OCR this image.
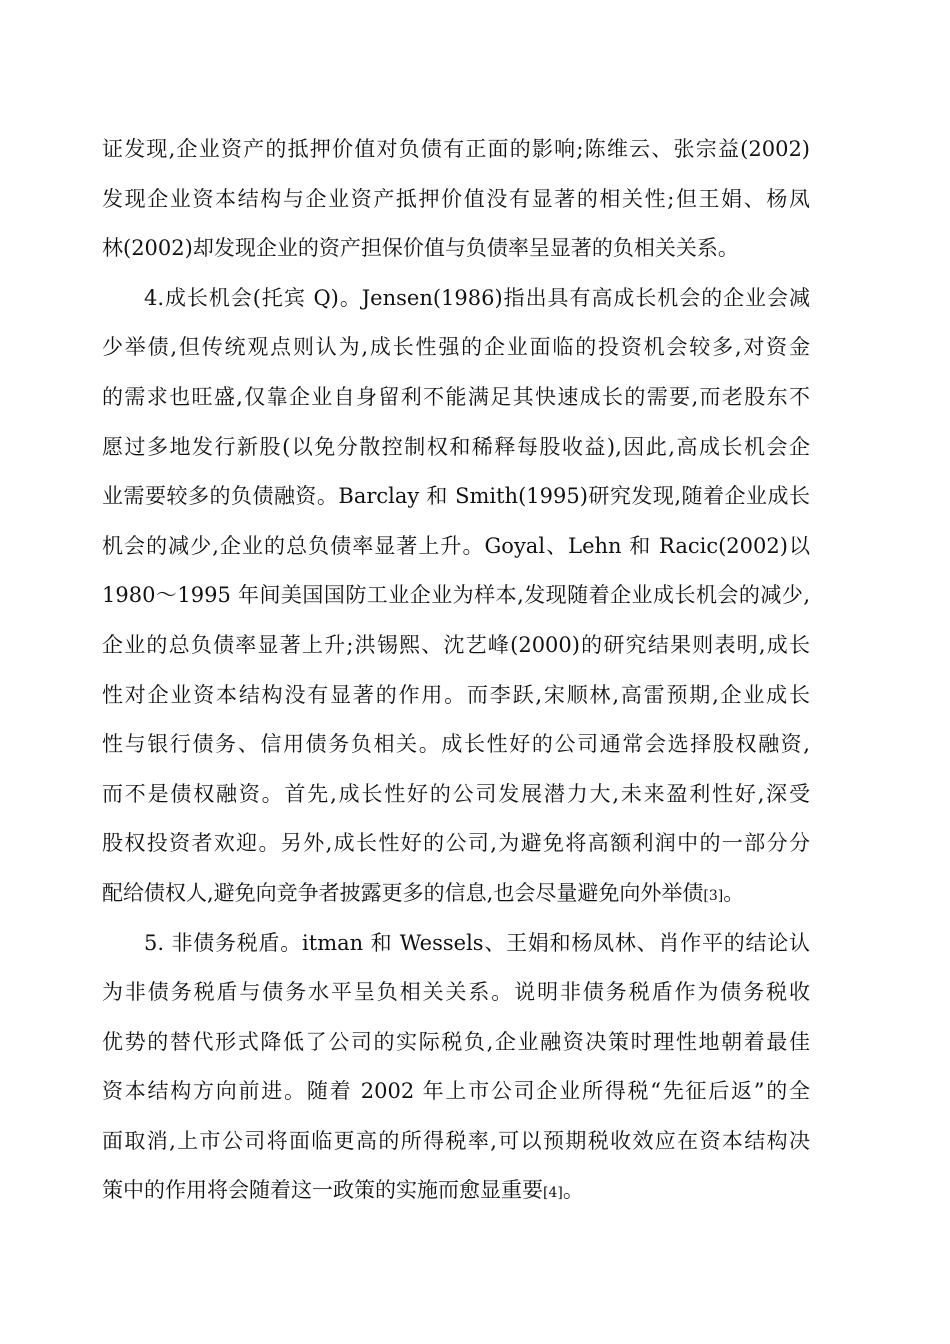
证发现,企业资产的抵押价值对负债有正面的影响;陈维云、张宗益(2002)
发现企业资本结构与企业资产抵押价值没有显著的相关性;但王娟、杨凤
林(2002)却发现企业的资产担保价值与负债率呈显著的负相关关系。
4.成长机会(托宾 Q)。Jensen(1986)指出具有高成长机会的企业会减
少举债,但传统观点则认为,成长性强的企业面临的投资机会较多,对资金
的需求也旺盛,仅靠企业自身留利不能满足其快速成长的需要,而老股东不
愿过多地发行新股(以免分散控制权和稀释每股收益),因此,高成长机会企
业需要较多的负债融资。Barclay 和 Smith(1995)研究发现,随着企业成长
机会的减少,企业的总负债率显著上升。Goyal、Lehn 和 Racic(2002)以
1980～1995 年间美国国防工业企业为样本,发现随着企业成长机会的减少,
企业的总负债率显著上升;洪锡熙、沈艺峰(2000)的研究结果则表明,成长
性对企业资本结构没有显著的作用。而李跃,宋顺林,高雷预期,企业成长
性与银行债务、信用债务负相关。成长性好的公司通常会选择股权融资,
而不是债权融资。首先,成长性好的公司发展潜力大,未来盈利性好,深受
股权投资者欢迎。另外,成长性好的公司,为避免将高额利润中的一部分分
配给债权人,避免向竞争者披露更多的信息,也会尽量避免向外举债[3]。
5. 非债务税盾。itman 和 Wessels、王娟和杨凤林、肖作平的结论认
为非债务税盾与债务水平呈负相关关系。说明非债务税盾作为债务税收
优势的替代形式降低了公司的实际税负,企业融资决策时理性地朝着最佳
资本结构方向前进。随着 2002 年上市公司企业所得税“先征后返”的全
面取消,上市公司将面临更高的所得税率,可以预期税收效应在资本结构决
策中的作用将会随着这一政策的实施而愈显重要[4]。
